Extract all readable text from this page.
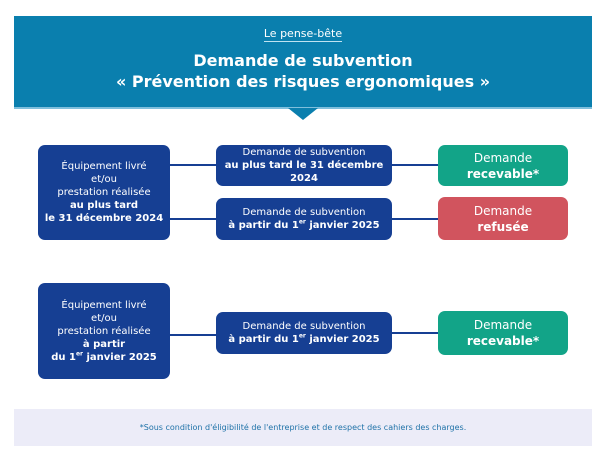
Le pense-bête
Demande de subvention
« Prévention des risques ergonomiques »
Équipement livré
et/ou
prestation réalisée
au plus tard
le 31 décembre 2024
Demande de subvention
au plus tard le 31 décembre 2024
Demande de subvention
à partir du 1er janvier 2025
Demande
recevable*
Demande
refusée
Équipement livré
et/ou
prestation réalisée
à partir
du 1er janvier 2025
Demande de subvention
à partir du 1er janvier 2025
Demande
recevable*
*Sous condition d'éligibilité de l'entreprise et de respect des cahiers des charges.
